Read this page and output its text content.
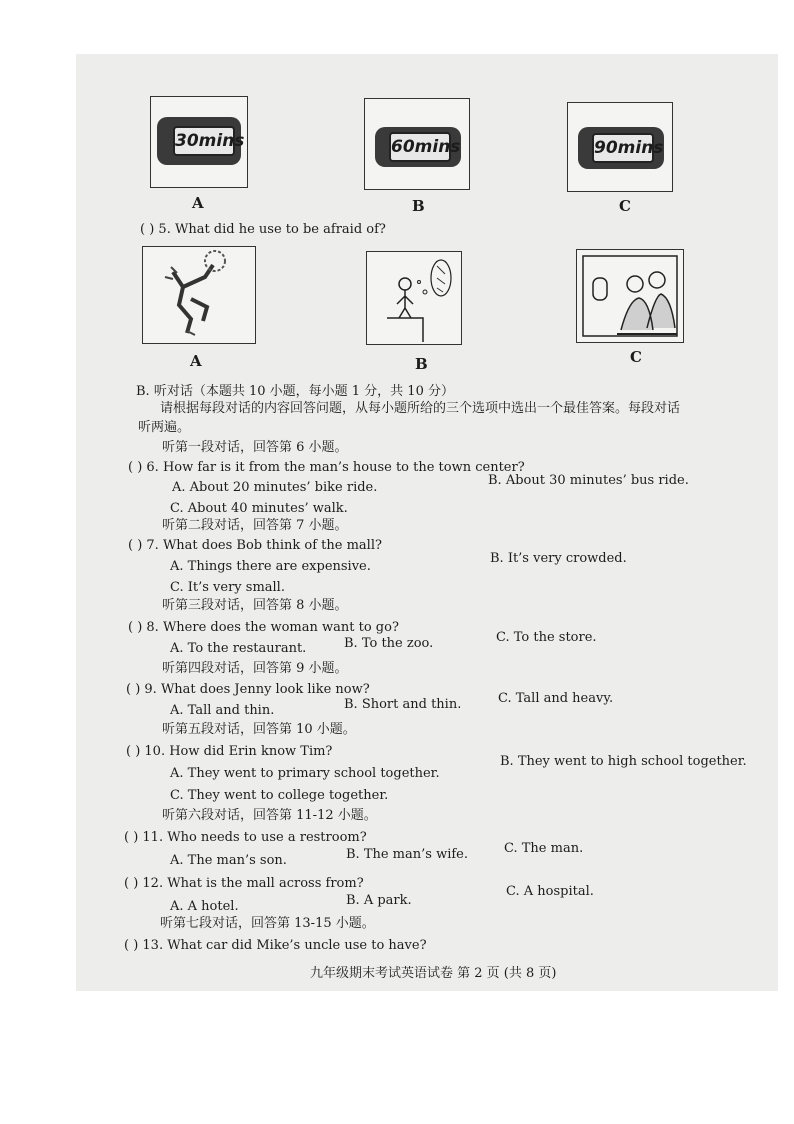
30mins
A
60mins
B
90mins
C
( ) 5. What did he use to be afraid of?
A	B	C
B. 听对话（本题共 10 小题，每小题 1 分，共 10 分）
请根据每段对话的内容回答问题，从每小题所给的三个选项中选出一个最佳答案。每段对话
听两遍。
听第一段对话，回答第 6 小题。
( ) 6. How far is it from the man’s house to the town center?
A. About 20 minutes’ bike ride.	B. About 30 minutes’ bus ride.
C. About 40 minutes’ walk.
听第二段对话，回答第 7 小题。
( ) 7. What does Bob think of the mall?
A. Things there are expensive.
B. It’s very crowded.
C. It’s very small.
听第三段对话，回答第 8 小题。
( ) 8. Where does the woman want to go?
A. To the restaurant.	B. To the zoo.	C. To the store.
听第四段对话，回答第 9 小题。
( ) 9. What does Jenny look like now?
A. Tall and thin.	B. Short and thin.	C. Tall and heavy.
听第五段对话，回答第 10 小题。
( ) 10. How did Erin know Tim?
A. They went to primary school together.
B. They went to high school together.
C. They went to college together.
听第六段对话，回答第 11-12 小题。
( ) 11. Who needs to use a restroom?
A. The man’s son.	B. The man’s wife.	C. The man.
( ) 12. What is the mall across from?
A. A hotel.	B. A park.
C. A hospital.
听第七段对话，回答第 13-15 小题。
( ) 13. What car did Mike’s uncle use to have?
九年级期末考试英语试卷 第 2 页 (共 8 页)
